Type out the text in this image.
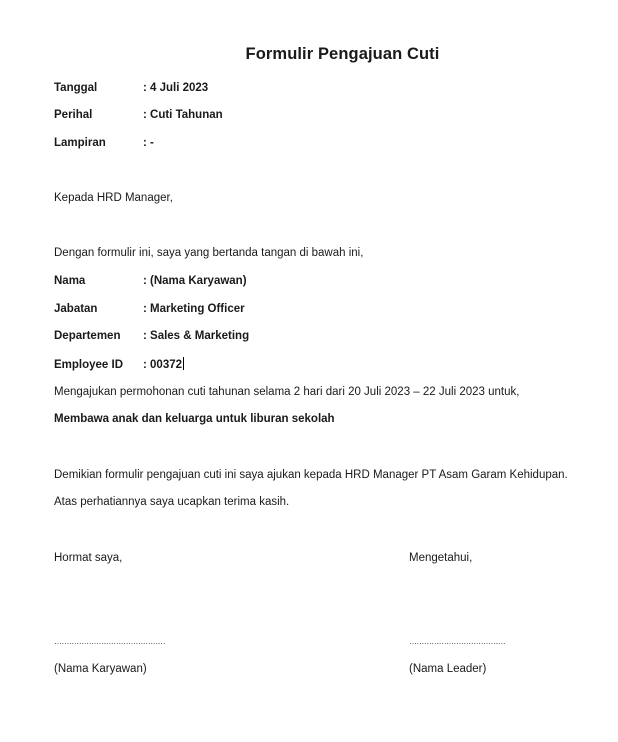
Formulir Pengajuan Cuti
Tanggal	: 4 Juli 2023
Perihal	: Cuti Tahunan
Lampiran	: -
Kepada HRD Manager,
Dengan formulir ini, saya yang bertanda tangan di bawah ini,
Nama	: (Nama Karyawan)
Jabatan	: Marketing Officer
Departemen : Sales & Marketing
Employee ID : 00372
Mengajukan permohonan cuti tahunan selama 2 hari dari 20 Juli 2023 – 22 Juli 2023 untuk,
Membawa anak dan keluarga untuk liburan sekolah
Demikian formulir pengajuan cuti ini saya ajukan kepada HRD Manager PT Asam Garam Kehidupan.
Atas perhatiannya saya ucapkan terima kasih.
Hormat saya,	Mengetahui,
………………………………………	…………………………………
(Nama Karyawan)	(Nama Leader)
